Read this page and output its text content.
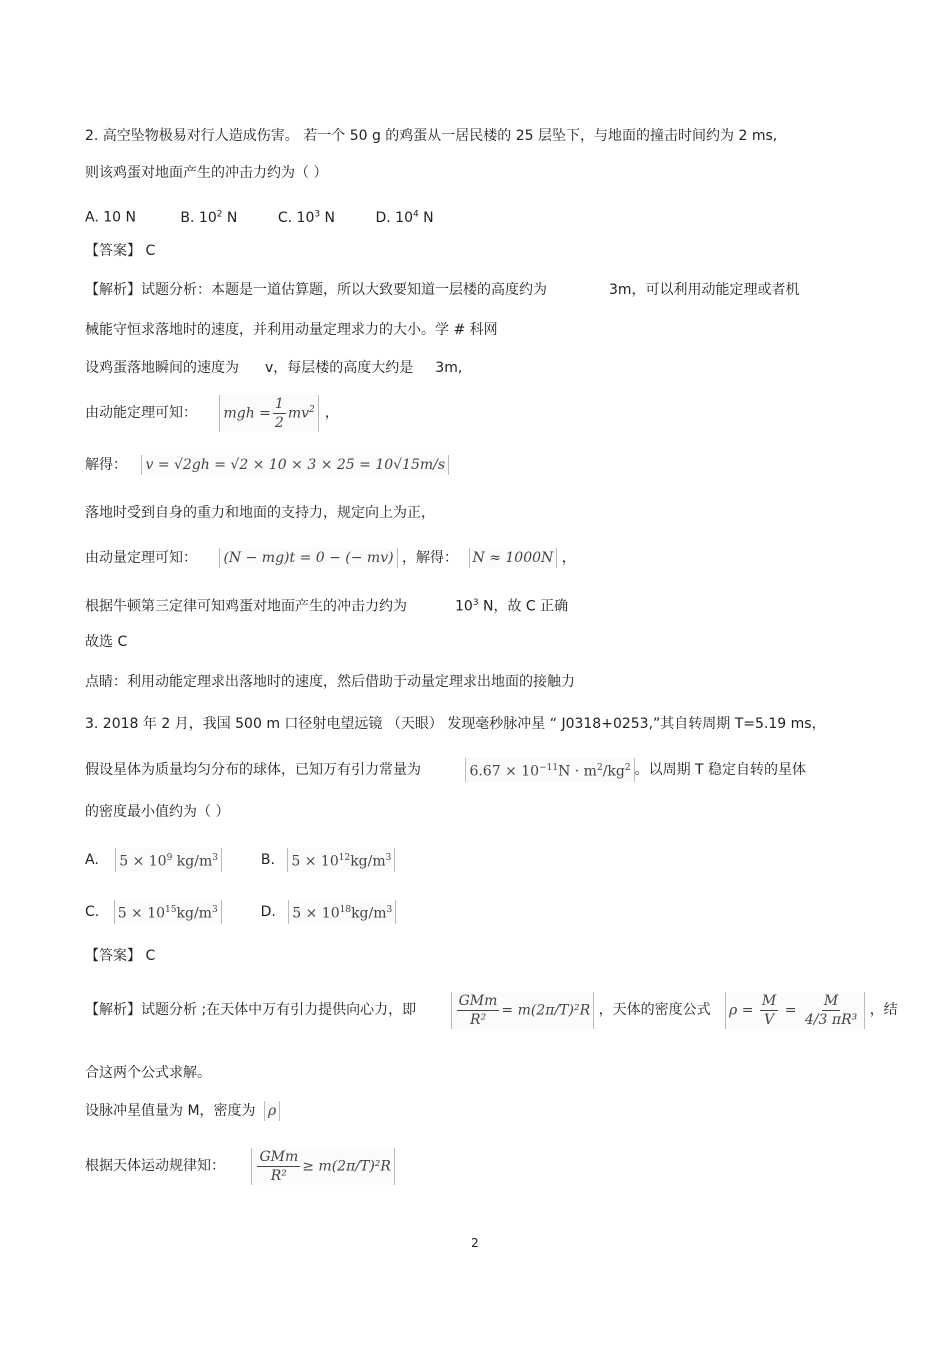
2. 高空坠物极易对行人造成伤害。 若一个 50 g 的鸡蛋从一居民楼的 25 层坠下，与地面的撞击时间约为 2 ms,
则该鸡蛋对地面产生的冲击力约为（ ）
A. 10 N	B. $10^2$ N	C. $10^3$ N	D. $10^4$ N
【答案】 C
【解析】试题分析：本题是一道估算题，所以大致要知道一层楼的高度约为	3m，可以利用动能定理或者机
械能守恒求落地时的速度，并利用动量定理求力的大小。学 # 科网
设鸡蛋落地瞬间的速度为 v，每层楼的高度大约是 3m,
由动能定理可知： mgh = $\frac{1}{2} mv^2$ ，
解得： v = √2gh = √2 × 10 × 3 × 25 = 10√15m/s
落地时受到自身的重力和地面的支持力，规定向上为正，
由动量定理可知： (N − mg)t = 0 − (− mv) ，解得： N ≈ 1000N ，
根据牛顿第三定律可知鸡蛋对地面产生的冲击力约为	$10^3$ N，故 C 正确
故选 C
点睛：利用动能定理求出落地时的速度，然后借助于动量定理求出地面的接触力
3. 2018 年 2 月，我国 500 m 口径射电望远镜 （天眼） 发现毫秒脉冲星 “ J0318+0253,”其自转周期 T=5.19 ms，
假设星体为质量均匀分布的球体，已知万有引力常量为	$6.67 \times 10^{-11}N \cdot m^2/kg^2$ 。以周期 T 稳定自转的星体
的密度最小值约为（ ）
A. $5 \times 10^9$ $kg/m^3$	B. $5 \times 10^{12}kg/m^3$
C. $5 \times 10^{15}kg/m^3$	D. $5 \times 10^{18}kg/m^3$
【答案】 C
【解析】试题分析 ;在天体中万有引力提供向心力，即	$\frac{\text{GMm}}{\text{R²}} = m(2\pi/T)^2R$ ，天体的密度公式 $\rho = \frac{M}{V} = \frac{M}{\text{4/3 πR³}}$ ，结
合这两个公式求解。
设脉冲星值量为 M，密度为 ρ
根据天体运动规律知： $\frac{\text{GMm}}{\text{R²}} \ge m(2\pi/T)^2R$
2
